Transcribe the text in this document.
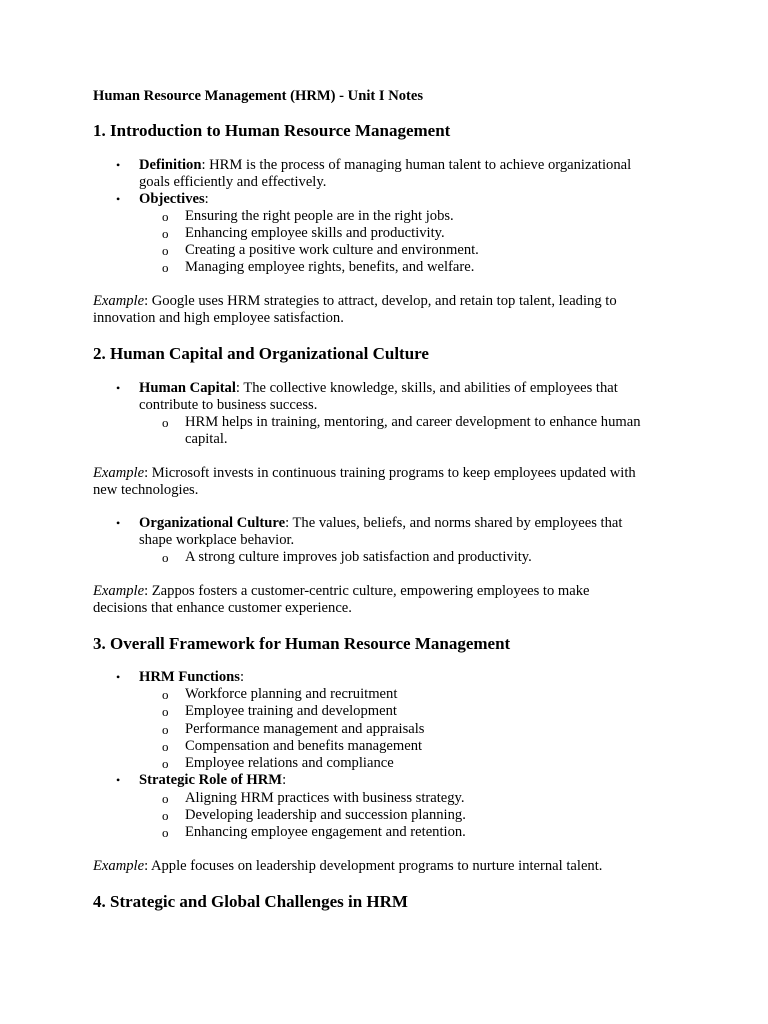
Human Resource Management (HRM) - Unit I Notes
1. Introduction to Human Resource Management
• Definition: HRM is the process of managing human talent to achieve organizational
goals efficiently and effectively.
• Objectives:
o Ensuring the right people are in the right jobs.
o Enhancing employee skills and productivity.
o Creating a positive work culture and environment.
o Managing employee rights, benefits, and welfare.
Example: Google uses HRM strategies to attract, develop, and retain top talent, leading to
innovation and high employee satisfaction.
2. Human Capital and Organizational Culture
• Human Capital: The collective knowledge, skills, and abilities of employees that
contribute to business success.
o HRM helps in training, mentoring, and career development to enhance human
capital.
Example: Microsoft invests in continuous training programs to keep employees updated with
new technologies.
• Organizational Culture: The values, beliefs, and norms shared by employees that
shape workplace behavior.
o A strong culture improves job satisfaction and productivity.
Example: Zappos fosters a customer-centric culture, empowering employees to make
decisions that enhance customer experience.
3. Overall Framework for Human Resource Management
• HRM Functions:
o Workforce planning and recruitment
o Employee training and development
o Performance management and appraisals
o Compensation and benefits management
o Employee relations and compliance
• Strategic Role of HRM:
o Aligning HRM practices with business strategy.
o Developing leadership and succession planning.
o Enhancing employee engagement and retention.
Example: Apple focuses on leadership development programs to nurture internal talent.
4. Strategic and Global Challenges in HRM
